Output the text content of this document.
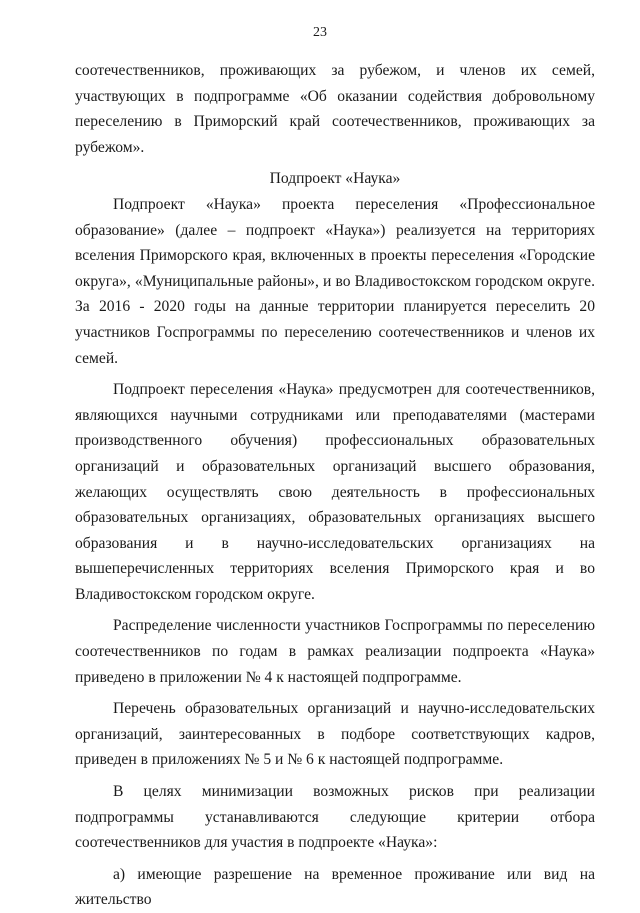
23

соотечественников, проживающих за рубежом, и членов их семей, участвующих в подпрограмме «Об оказании содействия добровольному переселению в Приморский край соотечественников, проживающих за рубежом».

Подпроект «Наука»

Подпроект «Наука» проекта переселения «Профессиональное образование» (далее – подпроект «Наука») реализуется на территориях вселения Приморского края, включенных в проекты переселения «Городские округа», «Муниципальные районы», и во Владивостокском городском округе. За 2016 - 2020 годы на данные территории планируется переселить 20 участников Госпрограммы по переселению соотечественников и членов их семей.

Подпроект переселения «Наука» предусмотрен для соотечественников, являющихся научными сотрудниками или преподавателями (мастерами производственного обучения) профессиональных образовательных организаций и образовательных организаций высшего образования, желающих осуществлять свою деятельность в профессиональных образовательных организациях, образовательных организациях высшего образования и в научно-исследовательских организациях на вышеперечисленных территориях вселения Приморского края и во Владивостокском городском округе.

Распределение численности участников Госпрограммы по переселению соотечественников по годам в рамках реализации подпроекта «Наука» приведено в приложении № 4 к настоящей подпрограмме.

Перечень образовательных организаций и научно-исследовательских организаций, заинтересованных в подборе соответствующих кадров, приведен в приложениях № 5 и № 6 к настоящей подпрограмме.

В целях минимизации возможных рисков при реализации подпрограммы устанавливаются следующие критерии отбора соотечественников для участия в подпроекте «Наука»:

а) имеющие разрешение на временное проживание или вид на жительство
